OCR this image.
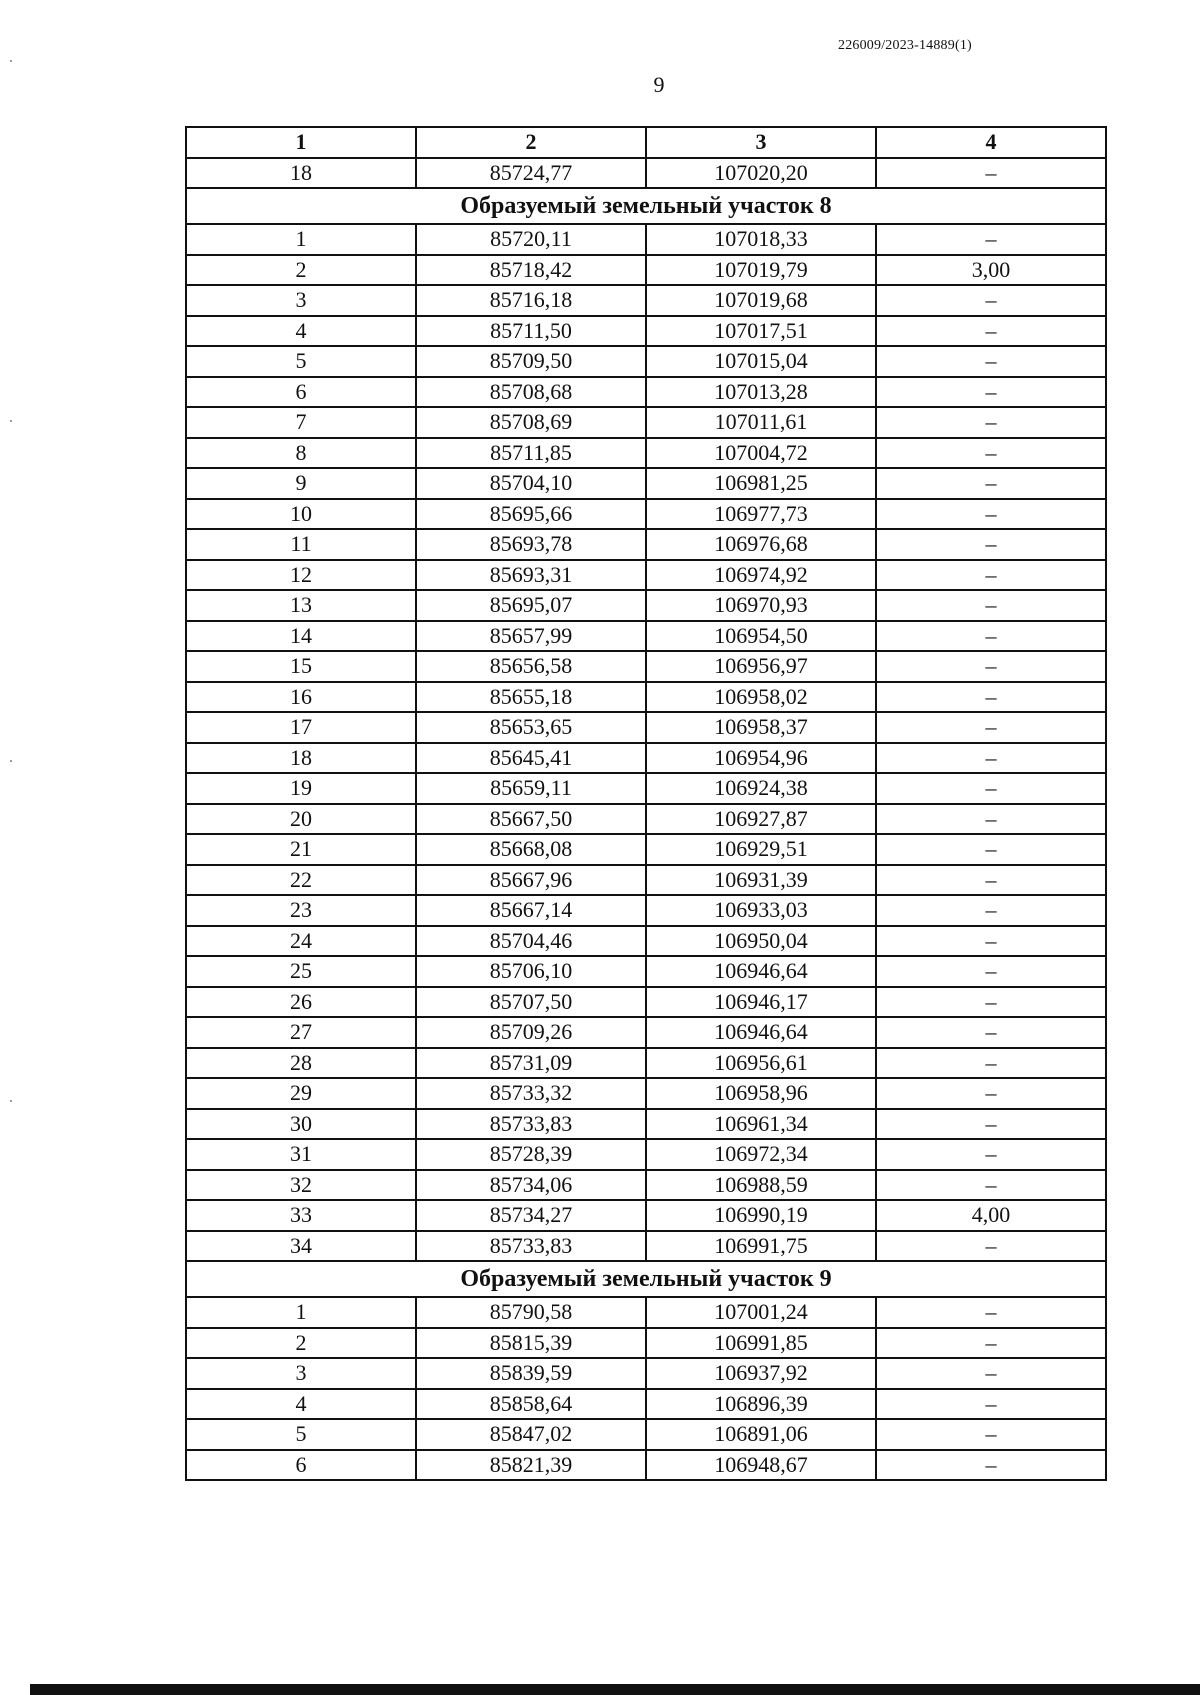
226009/2023-14889(1)
9
1	2	3	4
18	85724,77	107020,20	–
Образуемый земельный участок 8			
1	85720,11	107018,33	–
2	85718,42	107019,79	3,00
3	85716,18	107019,68	–
4	85711,50	107017,51	–
5	85709,50	107015,04	–
6	85708,68	107013,28	–
7	85708,69	107011,61	–
8	85711,85	107004,72	–
9	85704,10	106981,25	–
10	85695,66	106977,73	–
11	85693,78	106976,68	–
12	85693,31	106974,92	–
13	85695,07	106970,93	–
14	85657,99	106954,50	–
15	85656,58	106956,97	–
16	85655,18	106958,02	–
17	85653,65	106958,37	–
18	85645,41	106954,96	–
19	85659,11	106924,38	–
20	85667,50	106927,87	–
21	85668,08	106929,51	–
22	85667,96	106931,39	–
23	85667,14	106933,03	–
24	85704,46	106950,04	–
25	85706,10	106946,64	–
26	85707,50	106946,17	–
27	85709,26	106946,64	–
28	85731,09	106956,61	–
29	85733,32	106958,96	–
30	85733,83	106961,34	–
31	85728,39	106972,34	–
32	85734,06	106988,59	–
33	85734,27	106990,19	4,00
34	85733,83	106991,75	–
Образуемый земельный участок 9			
1	85790,58	107001,24	–
2	85815,39	106991,85	–
3	85839,59	106937,92	–
4	85858,64	106896,39	–
5	85847,02	106891,06	–
6	85821,39	106948,67	–
